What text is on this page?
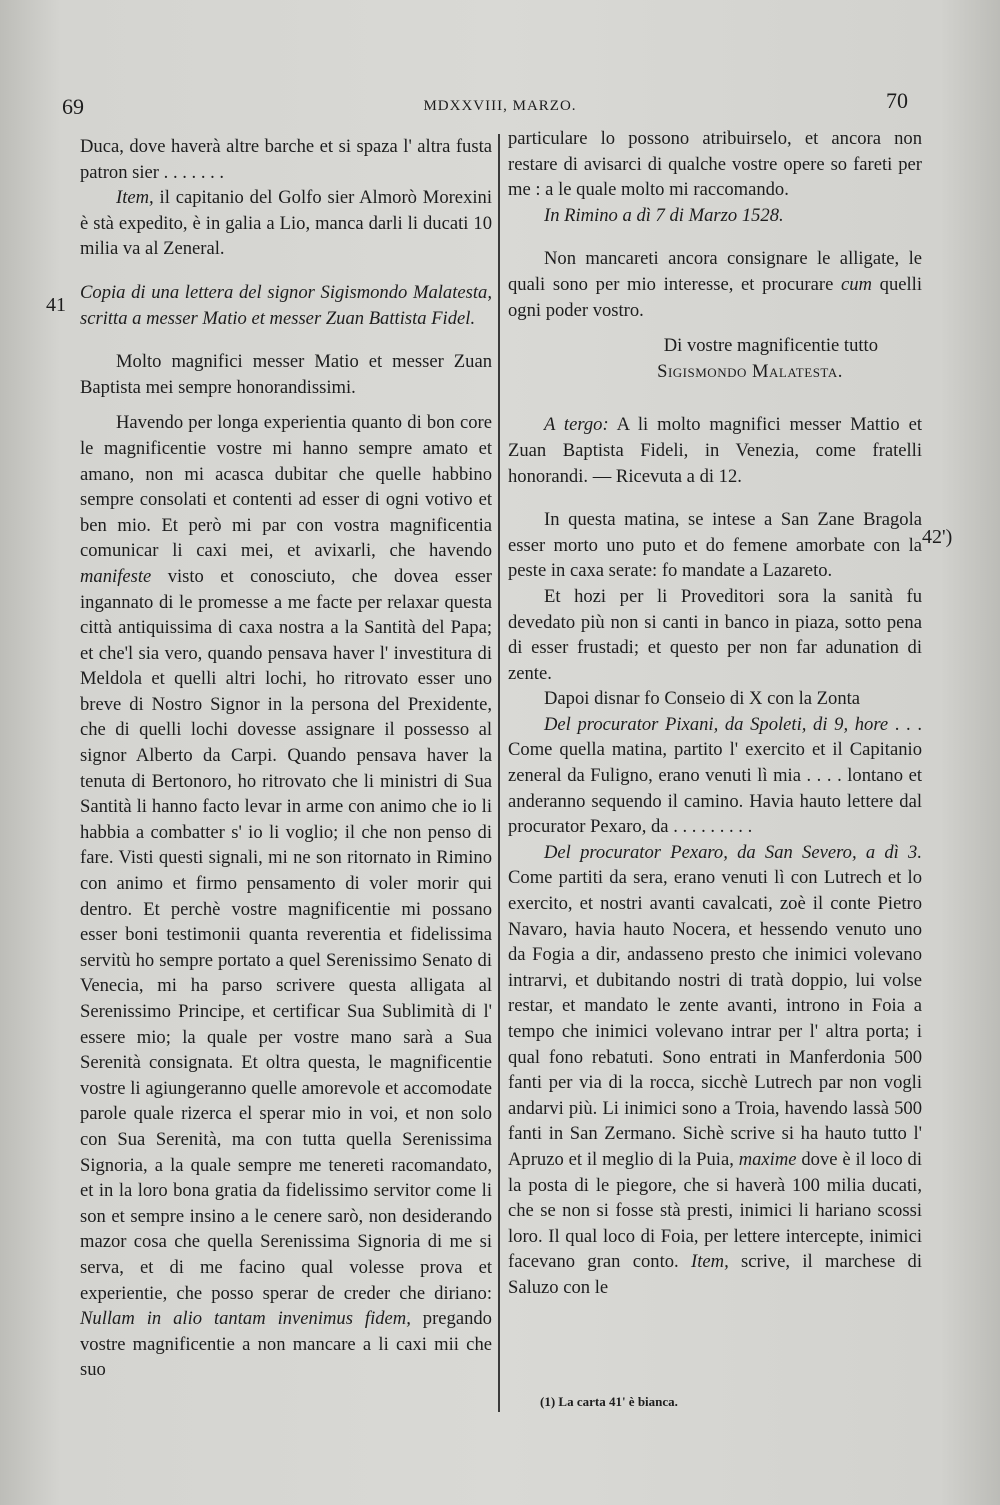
69	MDXXVIII, MARZO.	70
41
42')

Duca, dove haverà altre barche et si spaza l' altra fusta patron sier . . . . . . .

Item, il capitanio del Golfo sier Almorò Morexini è stà expedito, è in galia a Lio, manca darli li ducati 10 milia va al Zeneral.

Copia di una lettera del signor Sigismondo Malatesta, scritta a messer Matio et messer Zuan Battista Fidel.

Molto magnifici messer Matio et messer Zuan Baptista mei sempre honorandissimi.

Havendo per longa experientia quanto di bon core le magnificentie vostre mi hanno sempre amato et amano, non mi acasca dubitar che quelle habbino sempre consolati et contenti ad esser di ogni votivo et ben mio. Et però mi par con vostra magnificentia comunicar li caxi mei, et avixarli, che havendo manifeste visto et conosciuto, che dovea esser ingannato di le promesse a me facte per relaxar questa città antiquissima di caxa nostra a la Santità del Papa; et che'l sia vero, quando pensava haver l' investitura di Meldola et quelli altri lochi, ho ritrovato esser uno breve di Nostro Signor in la persona del Prexidente, che di quelli lochi dovesse assignare il possesso al signor Alberto da Carpi. Quando pensava haver la tenuta di Bertonoro, ho ritrovato che li ministri di Sua Santità li hanno facto levar in arme con animo che io li habbia a combatter s' io li voglio; il che non penso di fare. Visti questi signali, mi ne son ritornato in Rimino con animo et firmo pensamento di voler morir qui dentro. Et perchè vostre magnificentie mi possano esser boni testimonii quanta reverentia et fidelissima servitù ho sempre portato a quel Serenissimo Senato di Venecia, mi ha parso scrivere questa alligata al Serenissimo Principe, et certificar Sua Sublimità di l' essere mio; la quale per vostre mano sarà a Sua Serenità consignata. Et oltra questa, le magnificentie vostre li agiungeranno quelle amorevole et accomodate parole quale rizerca el sperar mio in voi, et non solo con Sua Serenità, ma con tutta quella Serenissima Signoria, a la quale sempre me tenereti racomandato, et in la loro bona gratia da fidelissimo servitor come li son et sempre insino a le cenere sarò, non desiderando mazor cosa che quella Serenissima Signoria di me si serva, et di me facino qual volesse prova et experientie, che posso sperar de creder che diriano: Nullam in alio tantam invenimus fidem, pregando vostre magnificentie a non mancare a li caxi mii che suo

particulare lo possono atribuirselo, et ancora non restare di avisarci di qualche vostre opere so fareti per me : a le quale molto mi raccomando.

In Rimino a dì 7 di Marzo 1528.

Non mancareti ancora consignare le alligate, le quali sono per mio interesse, et procurare cum quelli ogni poder vostro.

Di vostre magnificentie tutto

Sigismondo Malatesta.

A tergo: A li molto magnifici messer Mattio et Zuan Baptista Fideli, in Venezia, come fratelli honorandi. — Ricevuta a di 12.

In questa matina, se intese a San Zane Bragola esser morto uno puto et do femene amorbate con la peste in caxa serate: fo mandate a Lazareto.

Et hozi per li Proveditori sora la sanità fu devedato più non si canti in banco in piaza, sotto pena di esser frustadi; et questo per non far adunation di zente.

Dapoi disnar fo Conseio di X con la Zonta

Del procurator Pixani, da Spoleti, di 9, hore . . . Come quella matina, partito l' exercito et il Capitanio zeneral da Fuligno, erano venuti lì mia . . . . lontano et anderanno sequendo il camino. Havia hauto lettere dal procurator Pexaro, da . . . . . . . . .

Del procurator Pexaro, da San Severo, a dì 3. Come partiti da sera, erano venuti lì con Lutrech et lo exercito, et nostri avanti cavalcati, zoè il conte Pietro Navaro, havia hauto Nocera, et hessendo venuto uno da Fogia a dir, andasseno presto che inimici volevano intrarvi, et dubitando nostri di tratà doppio, lui volse restar, et mandato le zente avanti, introno in Foia a tempo che inimici volevano intrar per l' altra porta; i qual fono rebatuti. Sono entrati in Manferdonia 500 fanti per via di la rocca, sicchè Lutrech par non vogli andarvi più. Li inimici sono a Troia, havendo lassà 500 fanti in San Zermano. Sichè scrive si ha hauto tutto l' Apruzo et il meglio di la Puia, maxime dove è il loco di la posta di le piegore, che si haverà 100 milia ducati, che se non si fosse stà presti, inimici li hariano scossi loro. Il qual loco di Foia, per lettere intercepte, inimici facevano gran conto. Item, scrive, il marchese di Saluzo con le

(1) La carta 41' è bianca.
